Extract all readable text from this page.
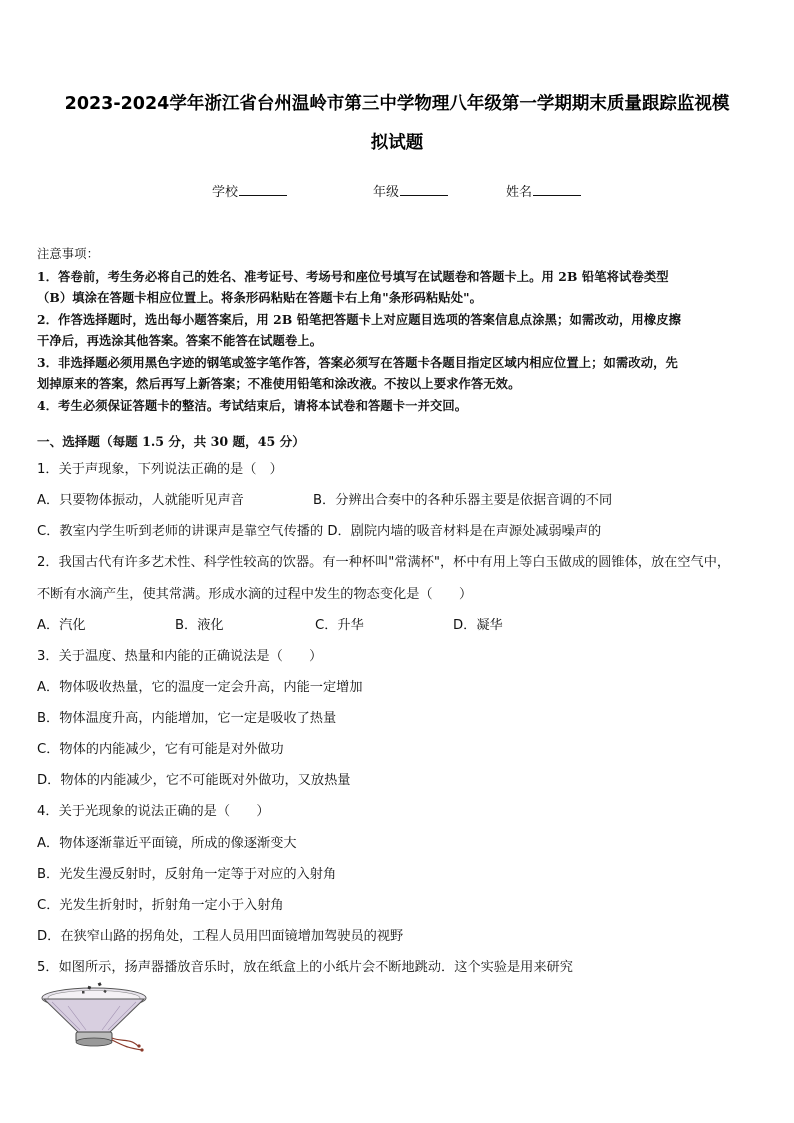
2023-2024学年浙江省台州温岭市第三中学物理八年级第一学期期末质量跟踪监视模
拟试题
学校	年级	姓名

注意事项：

1．答卷前，考生务必将自己的姓名、准考证号、考场号和座位号填写在试题卷和答题卡上。用 2B 铅笔将试卷类型

（B）填涂在答题卡相应位置上。将条形码粘贴在答题卡右上角"条形码粘贴处"。

2．作答选择题时，选出每小题答案后，用 2B 铅笔把答题卡上对应题目选项的答案信息点涂黑；如需改动，用橡皮擦

干净后，再选涂其他答案。答案不能答在试题卷上。

3．非选择题必须用黑色字迹的钢笔或签字笔作答，答案必须写在答题卡各题目指定区域内相应位置上；如需改动，先

划掉原来的答案，然后再写上新答案；不准使用铅笔和涂改液。不按以上要求作答无效。

4．考生必须保证答题卡的整洁。考试结束后，请将本试卷和答题卡一并交回。

一、选择题（每题 1.5 分，共 30 题，45 分）
1．关于声现象，下列说法正确的是（　）
A．只要物体振动，人就能听见声音	B．分辨出合奏中的各种乐器主要是依据音调的不同
C．教室内学生听到老师的讲课声是靠空气传播的 D．剧院内墙的吸音材料是在声源处减弱噪声的
2．我国古代有许多艺术性、科学性较高的饮器。有一种杯叫"常满杯"，杯中有用上等白玉做成的圆锥体，放在空气中，
不断有水滴产生，使其常满。形成水滴的过程中发生的物态变化是（　　）
A．汽化	B．液化	C．升华	D．凝华
3．关于温度、热量和内能的正确说法是（　　）
A．物体吸收热量，它的温度一定会升高，内能一定增加
B．物体温度升高，内能增加，它一定是吸收了热量
C．物体的内能减少，它有可能是对外做功
D．物体的内能减少，它不可能既对外做功，又放热量
4．关于光现象的说法正确的是（　　）
A．物体逐渐靠近平面镜，所成的像逐渐变大
B．光发生漫反射时，反射角一定等于对应的入射角
C．光发生折射时，折射角一定小于入射角
D．在狭窄山路的拐角处，工程人员用凹面镜增加驾驶员的视野
5．如图所示，扬声器播放音乐时，放在纸盒上的小纸片会不断地跳动．这个实验是用来研究
